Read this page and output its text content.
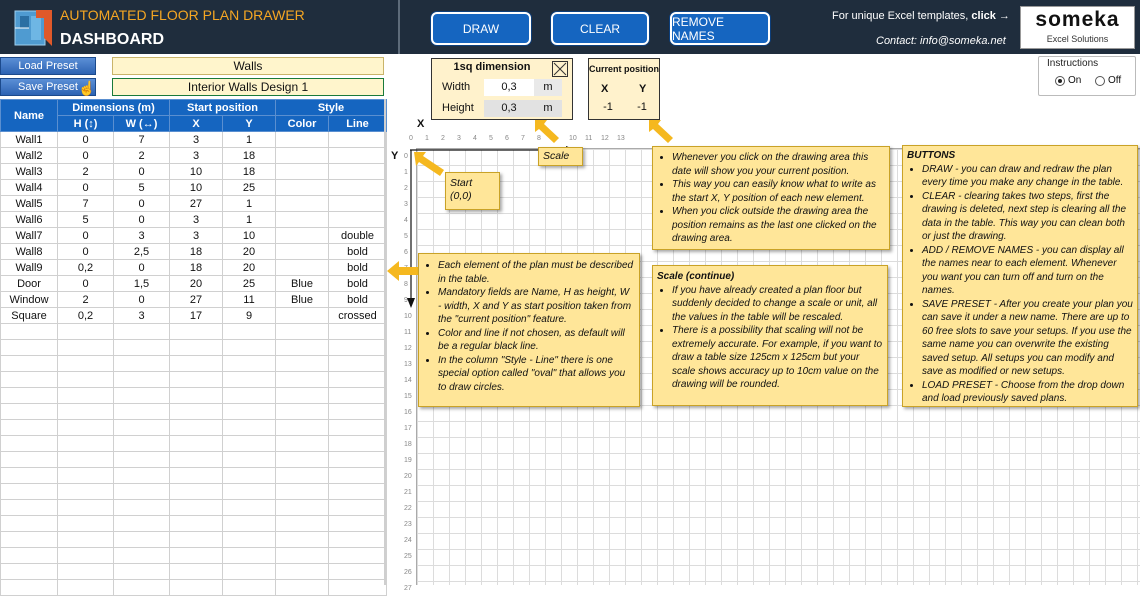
AUTOMATED FLOOR PLAN DRAWER
DASHBOARD
DRAW	CLEAR	REMOVE NAMES
For unique Excel templates, click →
Contact: info@someka.net
someka
Excel Solutions
Load Preset
Save Preset ☝
Walls
Interior Walls Design 1
Name	Dimensions (m)		Start position		Style	
	H (↕)	W (↔)	X	Y	Color	Line
Wall1	0	7	3	1		
Wall2	0	2	3	18		
Wall3	2	0	10	18		
Wall4	0	5	10	25		
Wall5	7	0	27	1		
Wall6	5	0	3	1		
Wall7	0	3	3	10		double
Wall8	0	2,5	18	20		bold
Wall9	0,2	0	18	20		bold
Door	0	1,5	20	25	Blue	bold
Window	2	0	27	11	Blue	bold
Square	0,2	3	17	9		crossed

1sq dimension
Width	0,3	m
Height	0,3	m
Current position
X	Y
-1	-1
Instructions
On	Off
X
Y
0 1 2 3 4 5 6 7 8	10 11 12 13
0
1
2
3
4
5
6
8
9
10
11
12
13
14
15
16
17
18
19
20
21
22
23
24
25
26
27
Start
(0,0)
Scale	• Whenever you click on the drawing area this date will show you your current position.
• This way you can easily know what to write as the start X, Y position of each new element.
• When you click outside the drawing area the position remains as the last one clicked on the drawing area.
• Each element of the plan must be described in the table.
• Mandatory fields are Name, H as height, W - width, X and Y as start position taken from the "current position" feature.
• Color and line if not chosen, as default will be a regular black line.
• In the column "Style - Line" there is one special option called "oval" that allows you to draw circles.
Scale (continue)
• If you have already created a plan floor but suddenly decided to change a scale or unit, all the values in the table will be rescaled.
• There is a possibility that scaling will not be extremely accurate. For example, if you want to draw a table size 125cm x 125cm but your scale shows accuracy up to 10cm value on the drawing will be rounded.
BUTTONS
• DRAW - you can draw and redraw the plan every time you make any change in the table.
• CLEAR - clearing takes two steps, first the drawing is deleted, next step is clearing all the data in the table. This way you can clean both or just the drawing.
• ADD / REMOVE NAMES - you can display all the names near to each element. Whenever you want you can turn off and turn on the names.
• SAVE PRESET - After you create your plan you can save it under a new name. There are up to 60 free slots to save your setups. If you use the same name you can overwrite the existing saved setup. All setups you can modify and save as modified or new setups.
• LOAD PRESET - Choose from the drop down and load previously saved plans.
